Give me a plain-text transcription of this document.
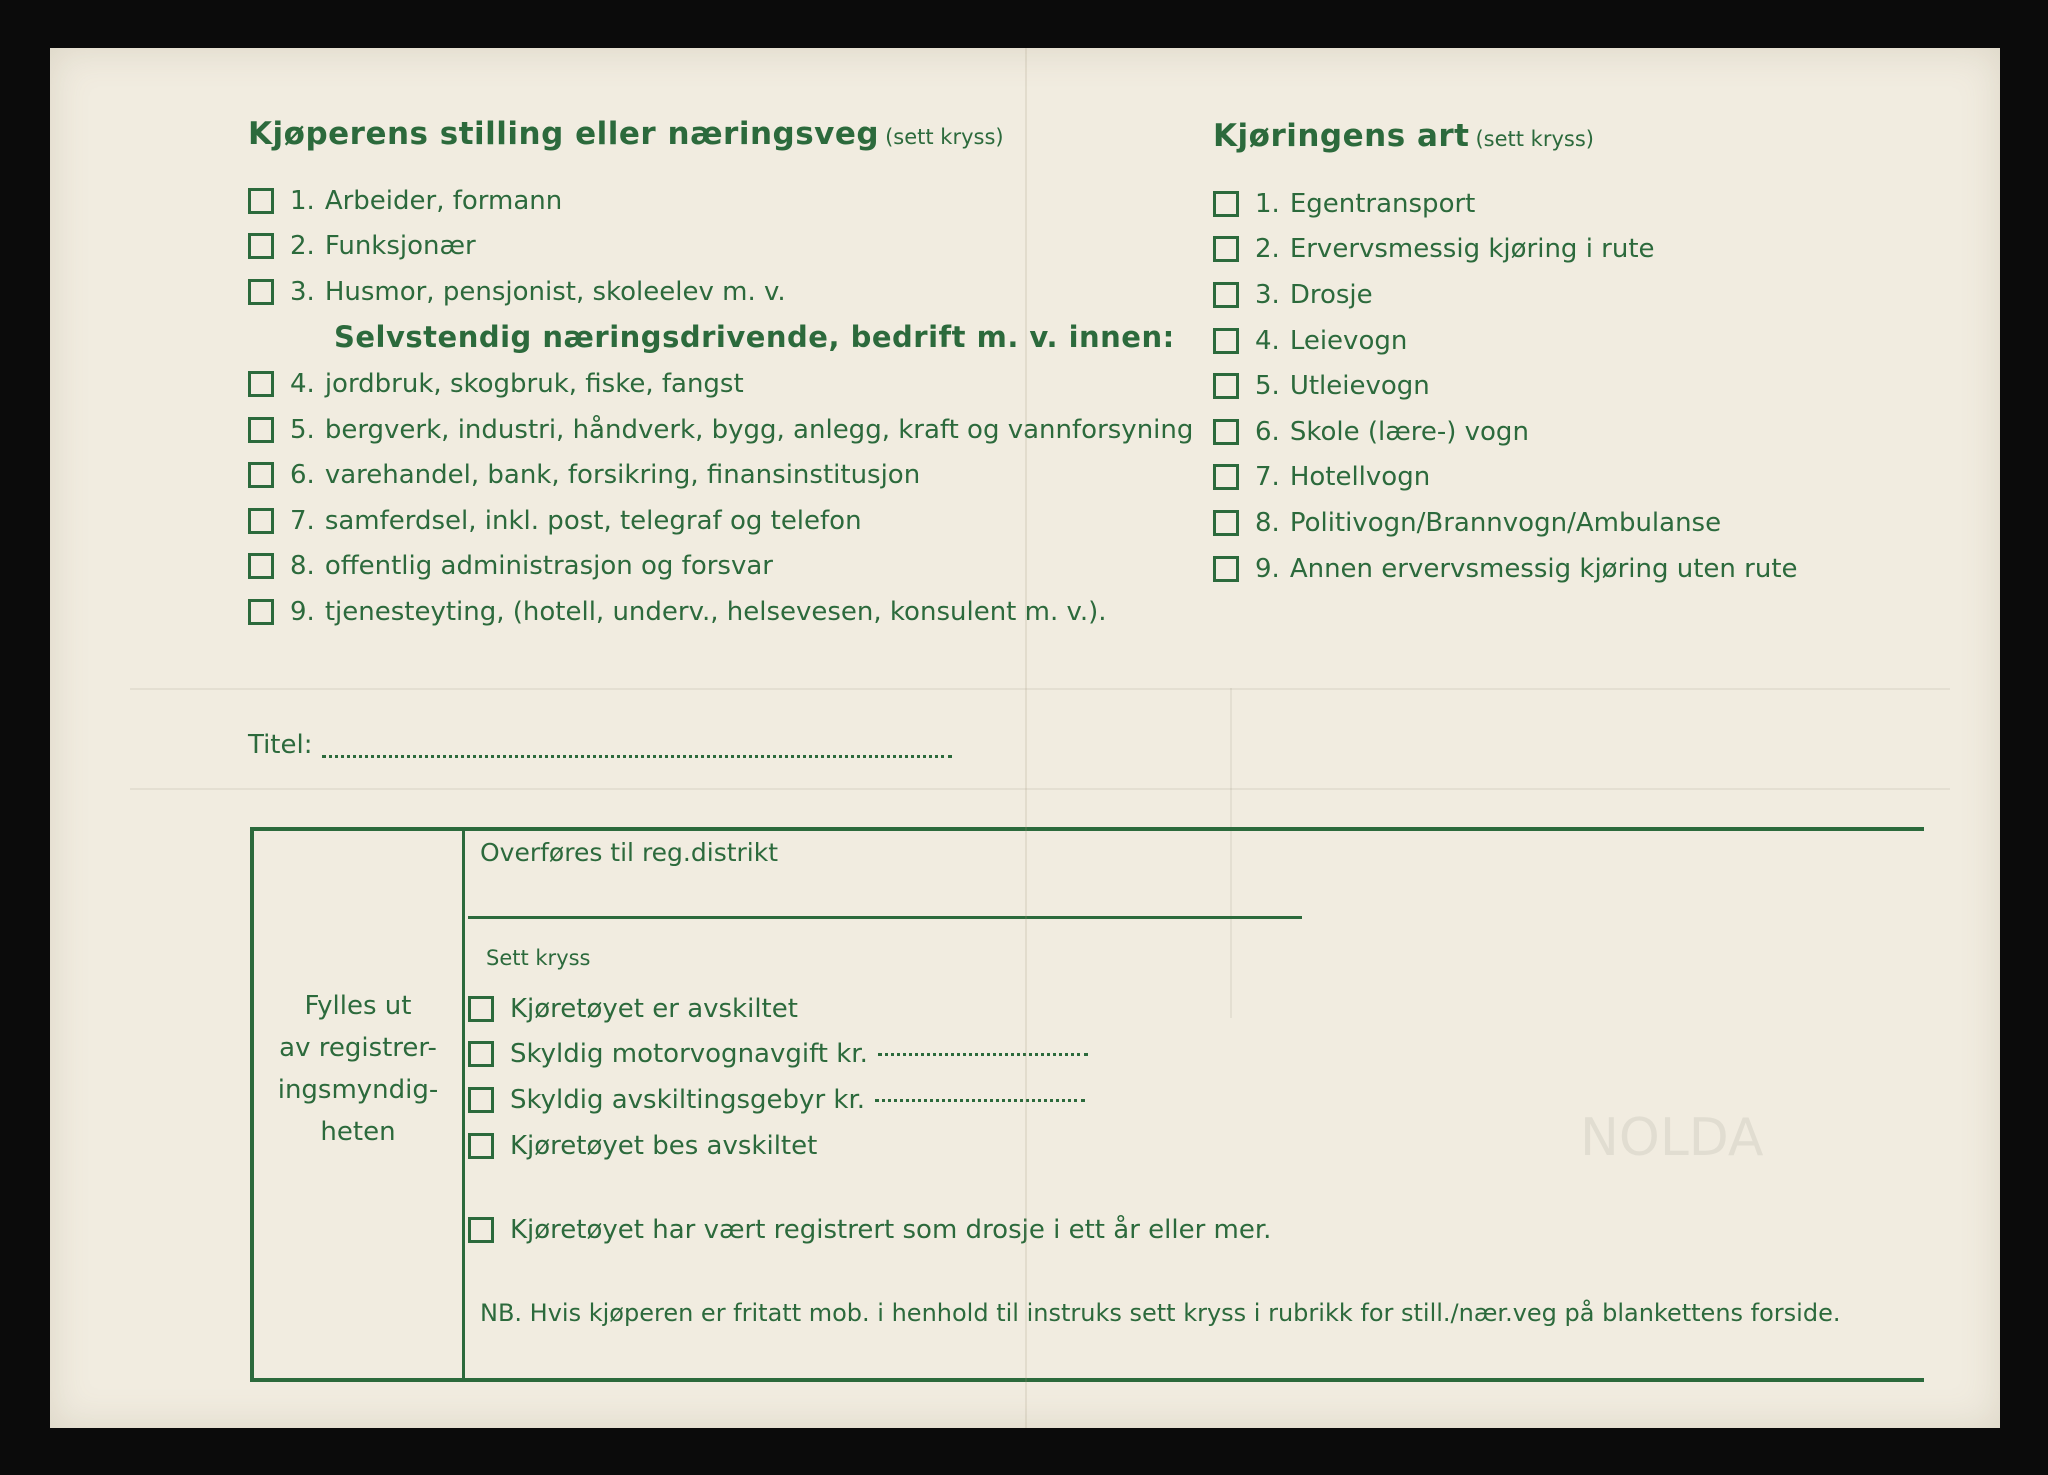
NOLDA
Kjøperens stilling eller næringsveg (sett kryss)
1. Arbeider, formann
2. Funksjonær
3. Husmor, pensjonist, skoleelev m. v.
Selvstendig næringsdrivende, bedrift m. v. innen:
4. jordbruk, skogbruk, fiske, fangst
5. bergverk, industri, håndverk, bygg, anlegg, kraft og vannforsyning
6. varehandel, bank, forsikring, finansinstitusjon
7. samferdsel, inkl. post, telegraf og telefon
8. offentlig administrasjon og forsvar
9. tjenesteyting, (hotell, underv., helsevesen, konsulent m. v.).
Titel:
Kjøringens art (sett kryss)
1. Egentransport
2. Ervervsmessig kjøring i rute
3. Drosje
4. Leievogn
5. Utleievogn
6. Skole (lære-) vogn
7. Hotellvogn
8. Politivogn/Brannvogn/Ambulanse
9. Annen ervervsmessig kjøring uten rute
Fylles ut
av registrer-
ingsmyndig-
heten
Overføres til reg.distrikt
Sett kryss
Kjøretøyet er avskiltet
Skyldig motorvognavgift kr.
Skyldig avskiltingsgebyr kr.
Kjøretøyet bes avskiltet
Kjøretøyet har vært registrert som drosje i ett år eller mer.
NB. Hvis kjøperen er fritatt mob. i henhold til instruks sett kryss i rubrikk for still./nær.veg på blankettens forside.
